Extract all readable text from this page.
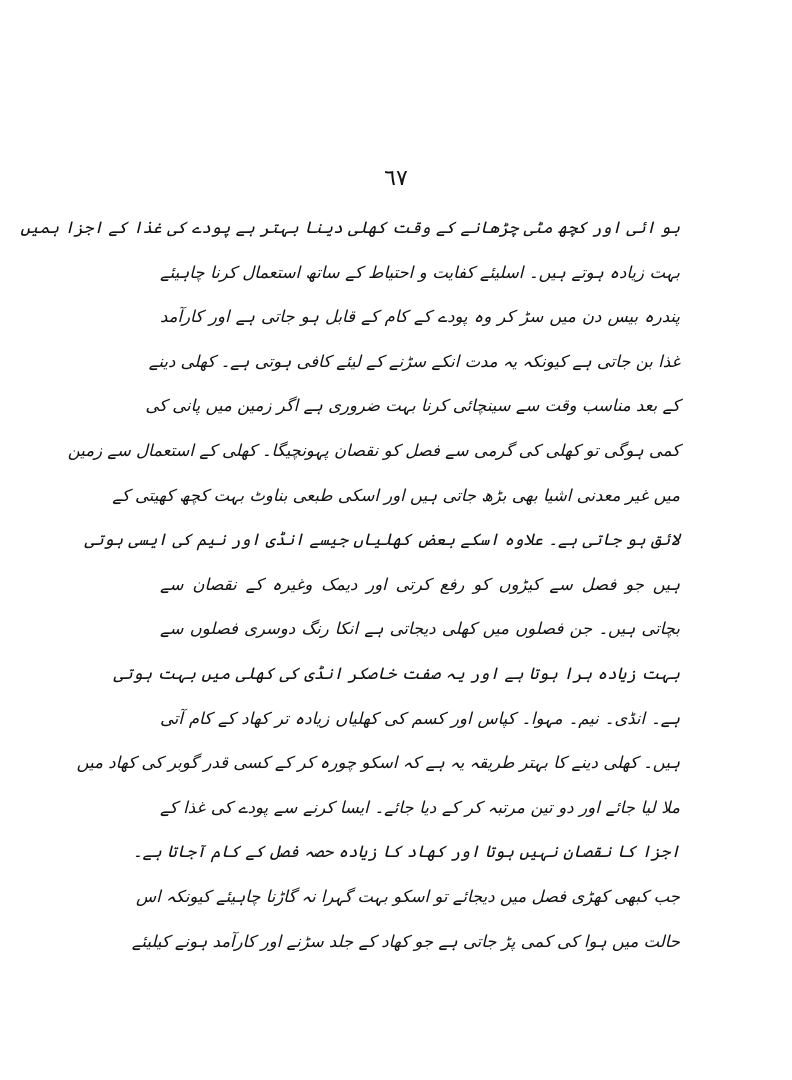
٦٧
بو ائی اور کچھ مٹی چڑھانے کے وقت کھلی دینا بہتر ہے پودے کی غذا کے اجزا ہمیں
بہت زیادہ ہوتے ہیں۔ اسلیئے کفایت و احتیاط کے ساتھ استعمال کرنا چاہیئے
پندرہ بیس دن میں سڑ کر وہ پودے کے کام کے قابل ہو جاتی ہے اور کارآمد
غذا بن جاتی ہے کیونکہ یہ مدت انکے سڑنے کے لیئے کافی ہوتی ہے۔ کھلی دینے
کے بعد مناسب وقت سے سینچائی کرنا بہت ضروری ہے اگر زمین میں پانی کی
کمی ہوگی تو کھلی کی گرمی سے فصل کو نقصان پہونچیگا۔ کھلی کے استعمال سے زمین
میں غیر معدنی اشیا بھی بڑھ جاتی ہیں اور اسکی طبعی بناوٹ بہت کچھ کھیتی کے
لائق ہو جاتی ہے۔ علاوہ اسکے بعض کھلیاں جیسے انڈی اور نیم کی ایسی ہوتی
ہیں جو فصل سے کیڑوں کو رفع کرتی اور دیمک وغیرہ کے نقصان سے
بچاتی ہیں۔ جن فصلوں میں کھلی دیجاتی ہے انکا رنگ دوسری فصلوں سے
بہت زیادہ ہرا ہوتا ہے اور یہ صفت خاصکر انڈی کی کھلی میں بہت ہوتی
ہے۔ انڈی۔ نیم۔ مہوا۔ کپاس اور کسم کی کھلیاں زیادہ تر کھاد کے کام آتی
ہیں۔ کھلی دینے کا بہتر طریقہ یہ ہے کہ اسکو چورہ کر کے کسی قدر گوبر کی کھاد میں
ملا لیا جائے اور دو تین مرتبہ کر کے دیا جائے۔ ایسا کرنے سے پودے کی غذا کے
اجزا کا نقصان نہیں ہوتا اور کھاد کا زیادہ حصہ فصل کے کام آجاتا ہے۔
جب کبھی کھڑی فصل میں دیجائے تو اسکو بہت گہرا نہ گاڑنا چاہیئے کیونکہ اس
حالت میں ہوا کی کمی پڑ جاتی ہے جو کھاد کے جلد سڑنے اور کارآمد ہونے کیلیئے
